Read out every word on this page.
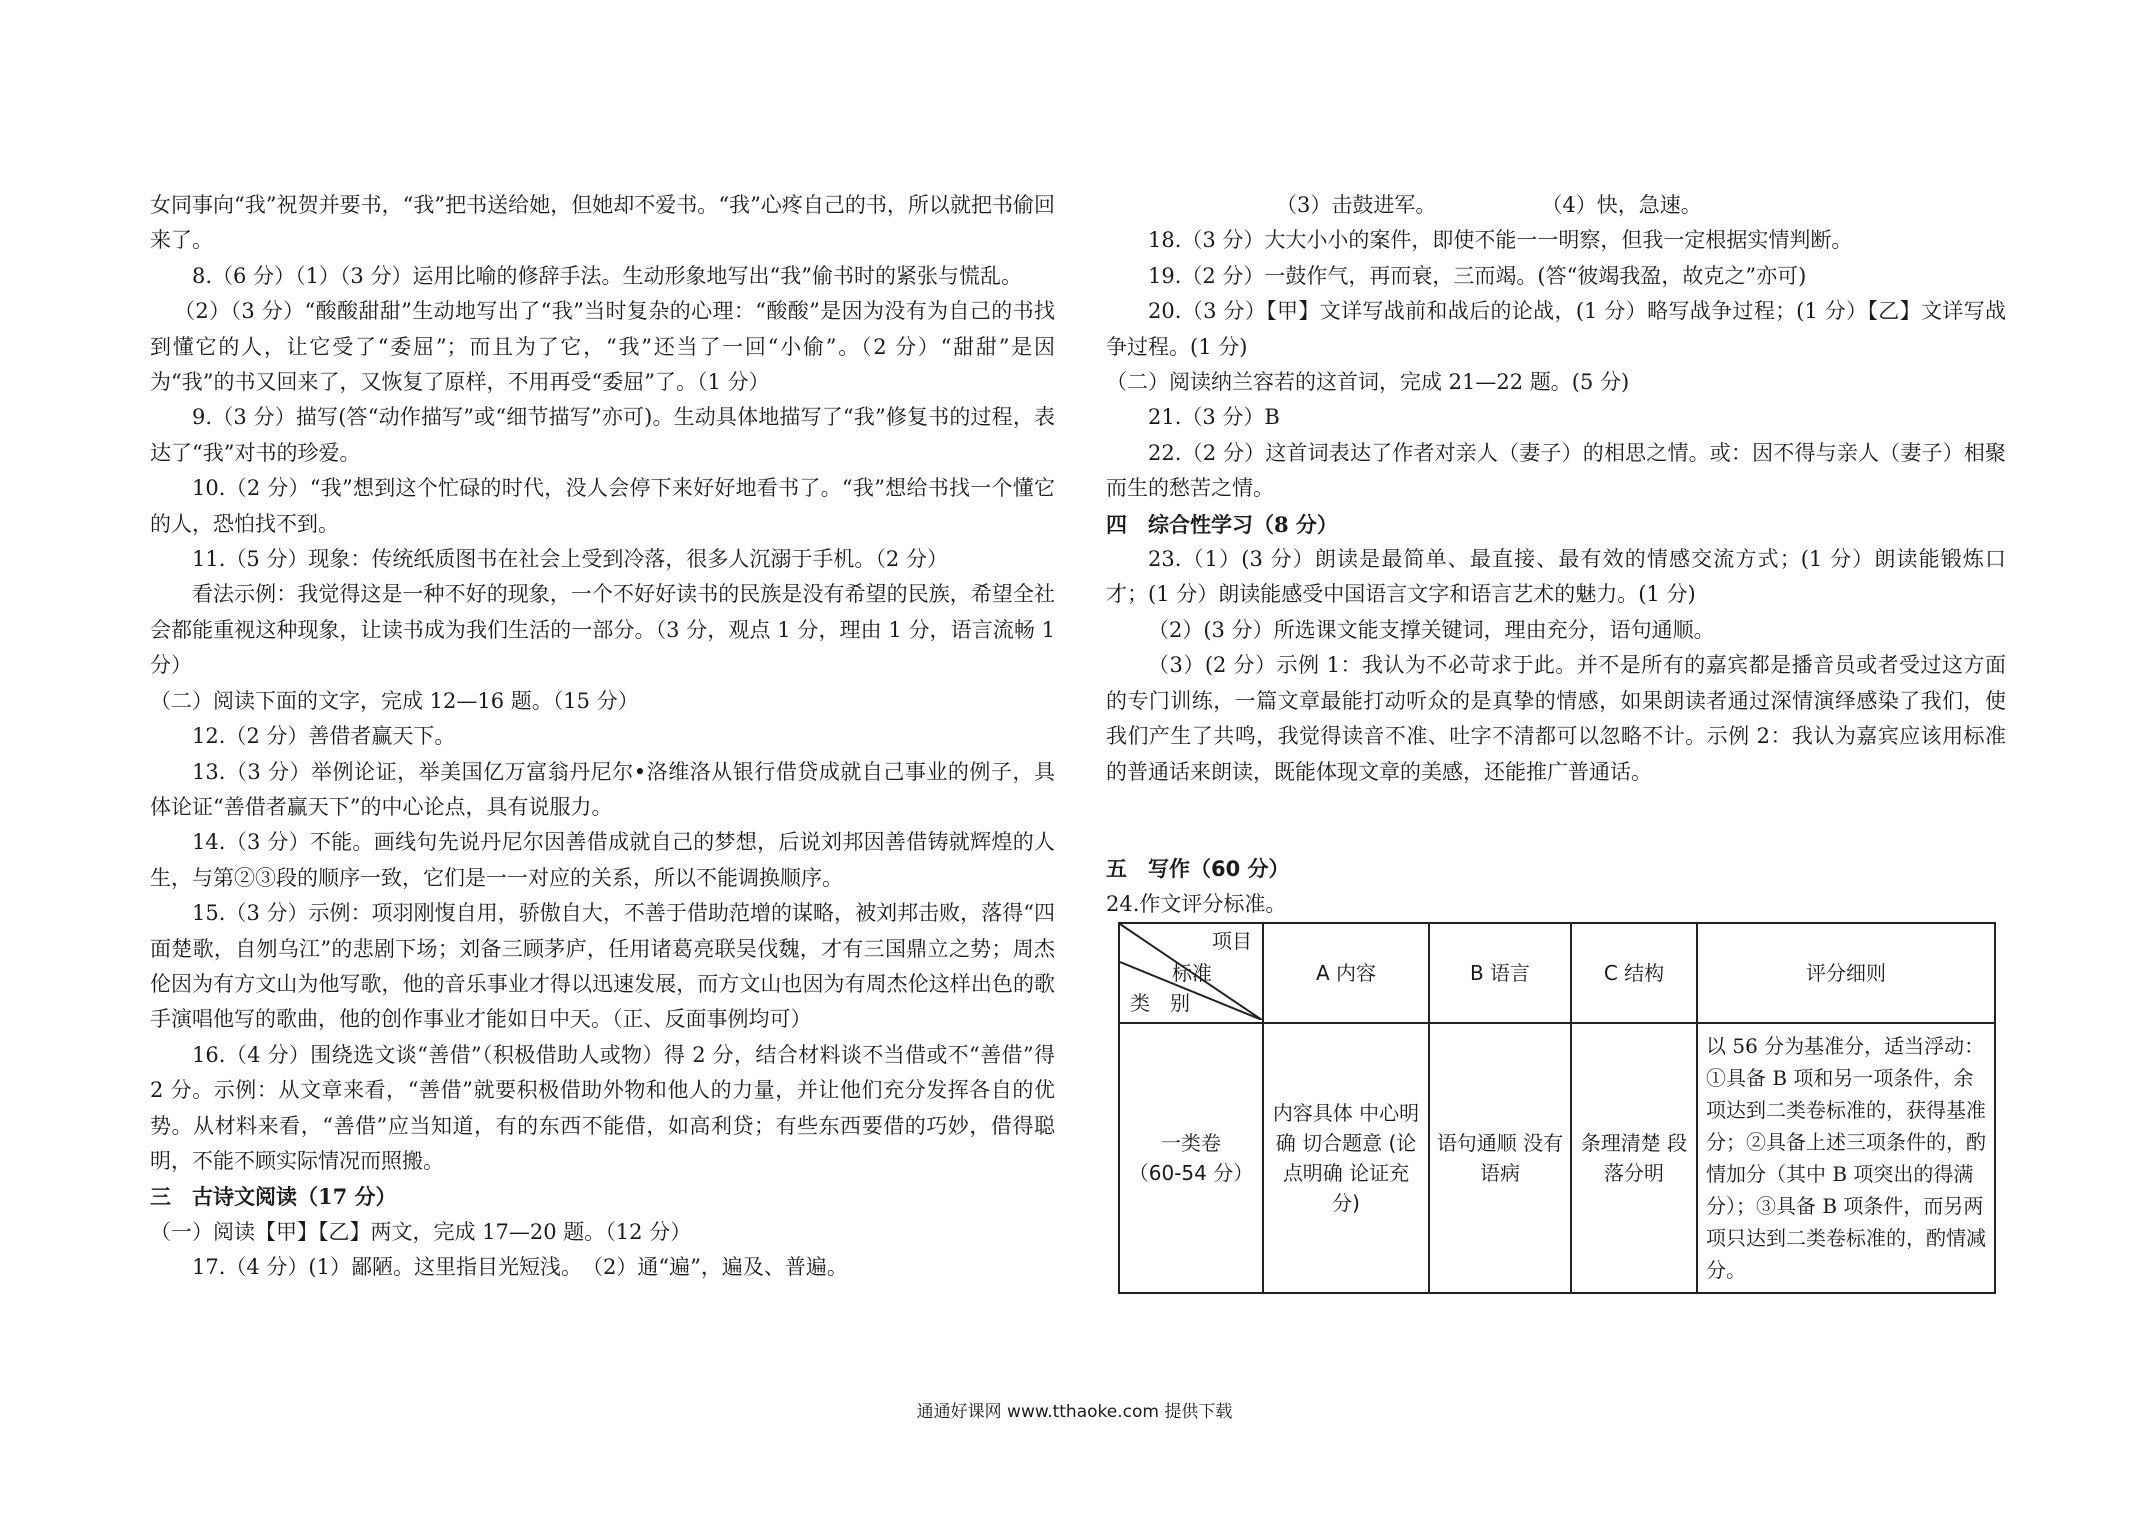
女同事向“我”祝贺并要书，“我”把书送给她，但她却不爱书。“我”心疼自己的书，所以就把书偷回来了。

8.（6 分）（1）（3 分）运用比喻的修辞手法。生动形象地写出“我”偷书时的紧张与慌乱。

（2）（3 分）“酸酸甜甜”生动地写出了“我”当时复杂的心理：“酸酸”是因为没有为自己的书找到懂它的人，让它受了“委屈”；而且为了它，“我”还当了一回“小偷”。（2 分）“甜甜”是因为“我”的书又回来了，又恢复了原样，不用再受“委屈”了。（1 分）

9.（3 分）描写(答“动作描写”或“细节描写”亦可)。生动具体地描写了“我”修复书的过程，表达了“我”对书的珍爱。

10.（2 分）“我”想到这个忙碌的时代，没人会停下来好好地看书了。“我”想给书找一个懂它的人，恐怕找不到。

11.（5 分）现象：传统纸质图书在社会上受到冷落，很多人沉溺于手机。（2 分）

看法示例：我觉得这是一种不好的现象，一个不好好读书的民族是没有希望的民族，希望全社会都能重视这种现象，让读书成为我们生活的一部分。（3 分，观点 1 分，理由 1 分，语言流畅 1 分）

（二）阅读下面的文字，完成 12—16 题。（15 分）

12.（2 分）善借者赢天下。

13.（3 分）举例论证，举美国亿万富翁丹尼尔•洛维洛从银行借贷成就自己事业的例子，具体论证“善借者赢天下”的中心论点，具有说服力。

14.（3 分）不能。画线句先说丹尼尔因善借成就自己的梦想，后说刘邦因善借铸就辉煌的人生，与第②③段的顺序一致，它们是一一对应的关系，所以不能调换顺序。

15.（3 分）示例：项羽刚愎自用，骄傲自大，不善于借助范增的谋略，被刘邦击败，落得“四面楚歌，自刎乌江”的悲剧下场；刘备三顾茅庐，任用诸葛亮联吴伐魏，才有三国鼎立之势；周杰伦因为有方文山为他写歌，他的音乐事业才得以迅速发展，而方文山也因为有周杰伦这样出色的歌手演唱他写的歌曲，他的创作事业才能如日中天。（正、反面事例均可）

16.（4 分）围绕选文谈“善借”（积极借助人或物）得 2 分，结合材料谈不当借或不“善借”得 2 分。示例：从文章来看，“善借”就要积极借助外物和他人的力量，并让他们充分发挥各自的优势。从材料来看，“善借”应当知道，有的东西不能借，如高利贷；有些东西要借的巧妙，借得聪明，不能不顾实际情况而照搬。

三　古诗文阅读（17 分）

（一）阅读【甲】【乙】两文，完成 17—20 题。（12 分）

17.（4 分）(1）鄙陋。这里指目光短浅。　（2）通“遍”，遍及、普遍。

（3）击鼓进军。　　　　　　（4）快，急速。

18.（3 分）大大小小的案件，即使不能一一明察，但我一定根据实情判断。

19.（2 分）一鼓作气，再而衰，三而竭。(答“彼竭我盈，故克之”亦可)

20.（3 分）【甲】文详写战前和战后的论战，(1 分）略写战争过程；(1 分）【乙】文详写战争过程。(1 分)

（二）阅读纳兰容若的这首词，完成 21—22 题。(5 分)

21.（3 分）B

22.（2 分）这首词表达了作者对亲人（妻子）的相思之情。或：因不得与亲人（妻子）相聚而生的愁苦之情。

四　综合性学习（8 分）

23.（1）(3 分）朗读是最简单、最直接、最有效的情感交流方式；(1 分）朗读能锻炼口才；(1 分）朗读能感受中国语言文字和语言艺术的魅力。(1 分)

（2）(3 分）所选课文能支撑关键词，理由充分，语句通顺。

（3）(2 分）示例 1：我认为不必苛求于此。并不是所有的嘉宾都是播音员或者受过这方面的专门训练，一篇文章最能打动听众的是真挚的情感，如果朗读者通过深情演绎感染了我们，使我们产生了共鸣，我觉得读音不准、吐字不清都可以忽略不计。示例 2：我认为嘉宾应该用标准的普通话来朗读，既能体现文章的美感，还能推广普通话。

五　写作（60 分）

24.作文评分标准。

项目
标准
类　别	A 内容	B 语言	C 结构	评分细则

一类卷
（60-54 分）	内容具体 中心明确 切合题意 (论点明确 论证充分)	语句通顺 没有语病	条理清楚 段落分明	以 56 分为基准分，适当浮动：①具备 B 项和另一项条件，余项达到二类卷标准的，获得基准分；②具备上述三项条件的，酌情加分（其中 B 项突出的得满分）；③具备 B 项条件，而另两项只达到二类卷标准的，酌情减分。
通通好课网 www.tthaoke.com 提供下载
